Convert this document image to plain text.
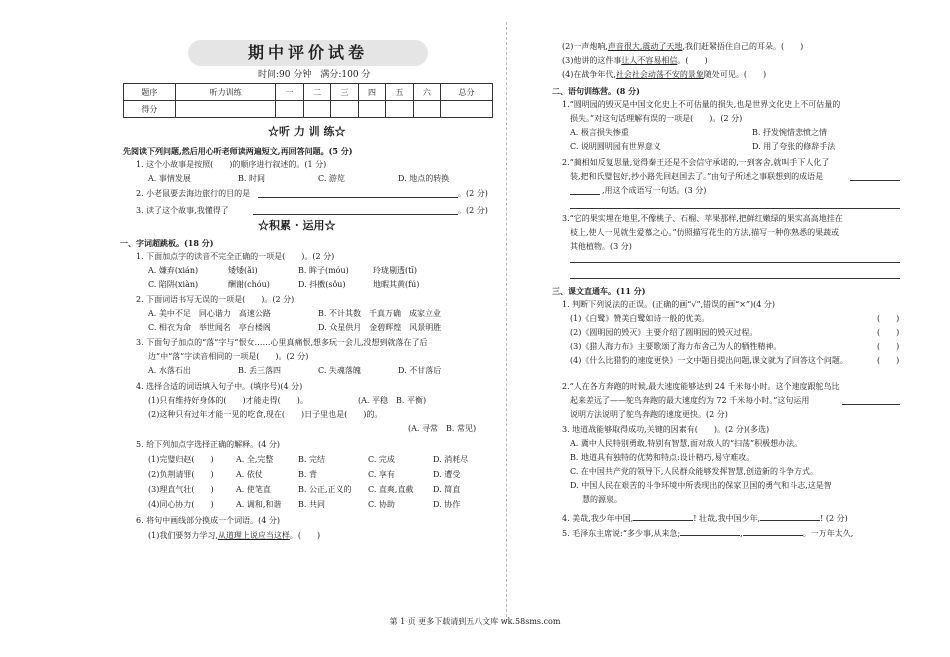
期中评价试卷
时间:90 分钟　满分:100 分
题序	听力训练	一	二	三	四	五	六	总分
得分								
☆听 力 训 练☆
先阅读下列问题,然后用心听老师读两遍短文,再回答问题。(5 分)
1. 这个小故事是按照(　　)的顺序进行叙述的。(1 分)
A. 事情发展	B. 时间	C. 游览	D. 地点的转换
2. 小老鼠要去海边旅行的目的是	。(2 分)
3. 读了这个故事,我懂得了	。(2 分)
☆积累 · 运用☆
一、字词超跳板。(18 分)
1. 下面加点字的读音不完全正确的一项是(　　)。(2 分)
A. 嫌弃(xián)	矮矮(ǎi)	B. 眸子(móu)	玲珑剔透(tī)
C. 陷阱(xiàn)	酬谢(chóu)	D. 抖擞(sǒu)	地暇其黄(fú)
2. 下面词语书写无误的一项是(　　)。(2 分)
A. 美中不足　同心谐力　高速公路	B. 不计其数　千真万确　成家立业
C. 相衣为命　举世闻名　亭台楼阁	D. 众星供月　金碧辉煌　风景明胜
3. 下面句子加点的“落”字与“恨女……心里真痛恨,想多玩一会儿,没想到就落在了后
边”中“落”字读音相同的一项是(　　)。(2 分)
A. 水落石出	B. 丢三落四	C. 失魂落魄	D. 不甘落后
4. 选择合适的词语填入句子中。(填序号)(4 分)
(1)只有维持好身体的(　　)才能走得(　　)。	(A. 平稳　B. 平衡)
(2)这种只有过年才能一见的吃食,现在(　　)日子里也是(　　)的。
(A. 寻常　B. 常见)
5. 给下列加点字选择正确的解释。(4 分)
(1)完璧归赵(　　)	A. 全,完整	B. 完结	C. 完成	D. 消耗尽
(2)负荆请罪(　　)	A. 依仗	B. 背	C. 享有	D. 遭受
(3)理直气壮(　　)	A. 使笔直	B. 公正,正义的 C. 直爽,直截 D. 简直
(4)同心协力(　　)	A. 调和,和谐 B. 共同	C. 协助	D. 协作
6. 将句中画线部分换成一个词语。(4 分)
(1)我们要努力学习,从道理上说应当这样。(　　)
(2)一声炮响,声音很大,震动了天地,我们赶紧捂住自己的耳朵。(　　)
(3)他讲的这件事让人不容易相信。(　　)
(4)在战争年代,社会社会动荡不安的景象随处可见。(　　)
二、语句训练营。(8 分)
1.“圆明园的毁灭是中国文化史上不可估量的损失,也是世界文化史上不可估量的
损失。”对这句话理解有误的一项是(　　)。(2 分)
A. 极言损失惨重	B. 抒发惋惜悲愤之情
C. 说明圆明园有世界意义	D. 用了夸张的修辞手法
2.“蔺相如反复思量,觉得秦王还是不会信守承诺的,一到客舍,就叫手下人化了
装,把和氏璧包好,抄小路先回赵国去了。”由句子所述之事联想到的成语是
,用这个成语写一句话。(3 分)
3.“它的果实埋在地里,不像桃子、石榴、苹果那样,把鲜红嫩绿的果实高高地挂在
枝上,使人一见就生爱慕之心。”仿照描写花生的方法,描写一种你熟悉的果蔬或
其他植物。(3 分)
三、课文直通车。(11 分)
1. 判断下列说法的正误。(正确的画“√”,错误的画“×”)(4 分)
(1)《白鹭》赞美白鹭如诗一般的优美。	(　　)
(2)《圆明园的毁灭》主要介绍了圆明园的毁灭过程。	(　　)
(3)《猎人海力布》主要歌颂了海力布舍己为人的牺牲精神。	(　　)
(4)《什么比猎豹的速度更快》一文中题目提出问题,课文就为了回答这个问题。	(　　)
2.“人在各方奔跑的时候,最大速度能够达到 24 千米每小时。这个速度跟鸵鸟比
起来差远了——鸵鸟奔跑的最大速度约为 72 千米每小时。”这句运用
说明方法说明了鸵鸟奔跑的速度更快。(2 分)
3. 地道战能够取得成功,关键的因素有(　　)。(2 分)(多选)
A. 冀中人民特别勇敢,特别有智慧,面对敌人的“扫荡”积极想办法。
B. 地道具有独特的优势和特点:设计精巧,易守难攻。
C. 在中国共产党的领导下,人民群众能够发挥智慧,创造新的斗争方式。
D. 中国人民在艰苦的斗争环境中所表现出的保家卫国的勇气和斗志,这是智
慧的源泉。
4. 美哉,我少年中国,	! 壮哉,我中国少年,	! (2 分)
5. 毛泽东主席说:“多少事,从来急;	,	。一万年太久,
第 1 页 更多下载请到五八文库 wk.58sms.com
